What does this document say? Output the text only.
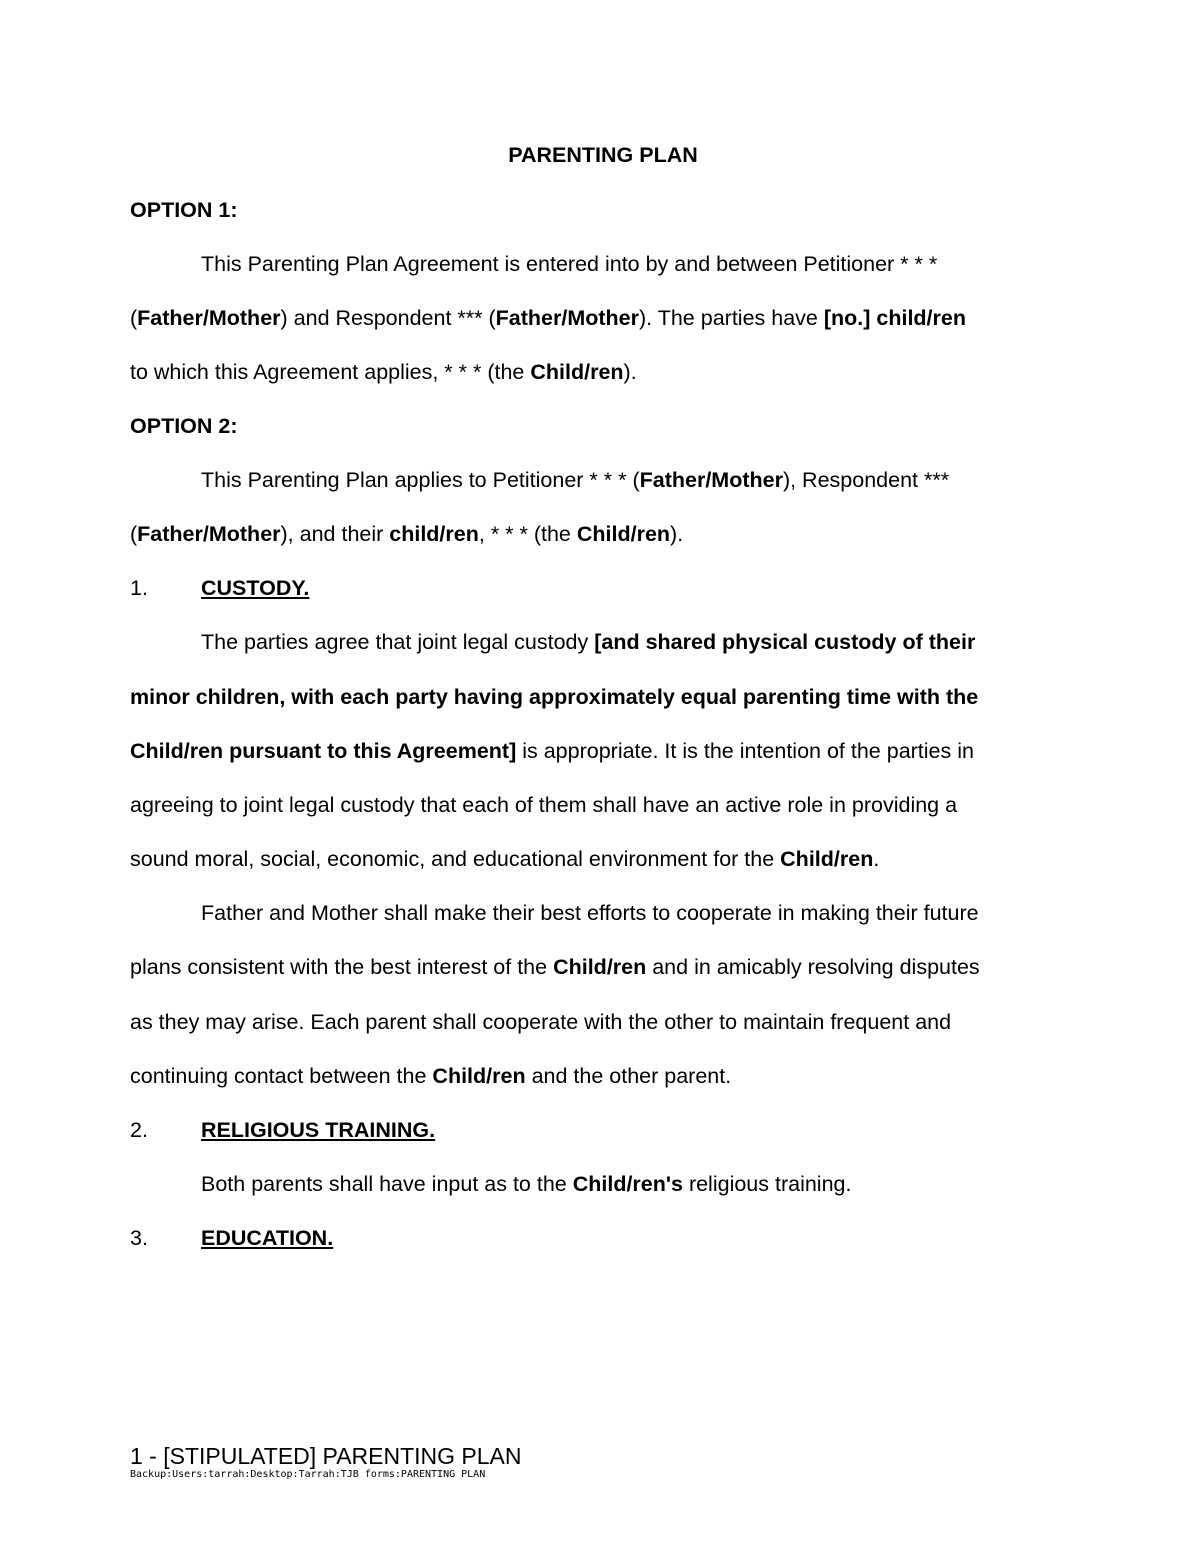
PARENTING PLAN
OPTION 1:
This Parenting Plan Agreement is entered into by and between Petitioner * * *
(Father/Mother) and Respondent *** (Father/Mother). The parties have [no.] child/ren
to which this Agreement applies, * * * (the Child/ren).
OPTION 2:
This Parenting Plan applies to Petitioner * * * (Father/Mother), Respondent ***
(Father/Mother), and their child/ren, * * * (the Child/ren).
1. CUSTODY.
The parties agree that joint legal custody [and shared physical custody of their
minor children, with each party having approximately equal parenting time with the
Child/ren pursuant to this Agreement] is appropriate. It is the intention of the parties in
agreeing to joint legal custody that each of them shall have an active role in providing a
sound moral, social, economic, and educational environment for the Child/ren.
Father and Mother shall make their best efforts to cooperate in making their future
plans consistent with the best interest of the Child/ren and in amicably resolving disputes
as they may arise. Each parent shall cooperate with the other to maintain frequent and
continuing contact between the Child/ren and the other parent.
2. RELIGIOUS TRAINING.
Both parents shall have input as to the Child/ren's religious training.
3. EDUCATION.
1 - [STIPULATED] PARENTING PLAN
Backup:Users:tarrah:Desktop:Tarrah:TJB forms:PARENTING PLAN
